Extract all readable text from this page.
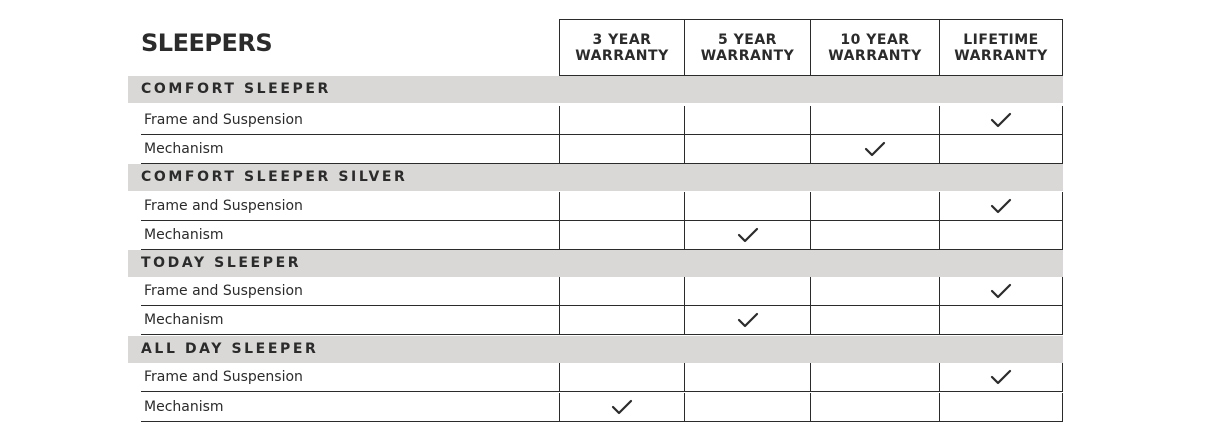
SLEEPERS	3 YEAR
WARRANTY
5 YEAR
WARRANTY
10 YEAR
WARRANTY
LIFETIME
WARRANTY
COMFORT SLEEPER
Frame and Suspension
Mechanism
COMFORT SLEEPER SILVER
Frame and Suspension
Mechanism
TODAY SLEEPER
Frame and Suspension
Mechanism
ALL DAY SLEEPER
Frame and Suspension
Mechanism
